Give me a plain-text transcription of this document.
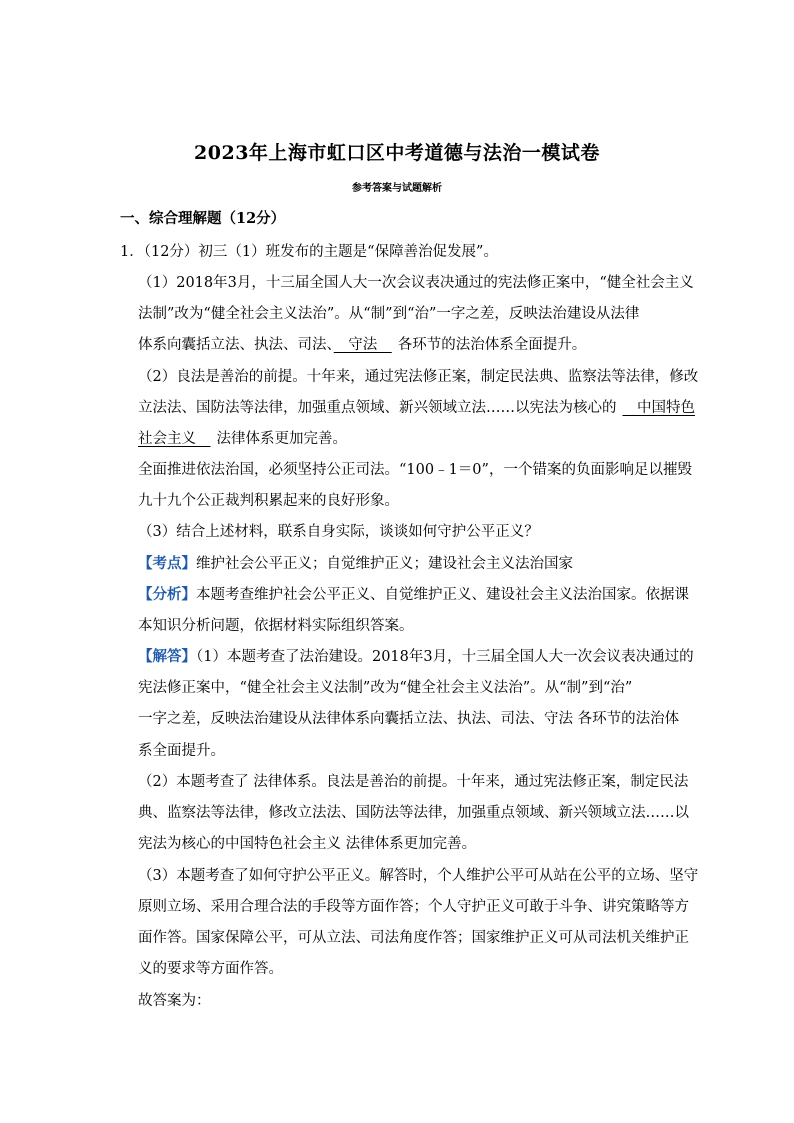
2023年上海市虹口区中考道德与法治一模试卷
参考答案与试题解析
一、综合理解题（12分）
1．（12分）初三（1）班发布的主题是“保障善治促发展”。
（1）2018年3月，十三届全国人大一次会议表决通过的宪法修正案中，“健全社会主义
法制”改为“健全社会主义法治”。从“制”到“治”一字之差，反映法治建设从法律
体系向囊括立法、执法、司法、　守法　各环节的法治体系全面提升。
（2）良法是善治的前提。十年来，通过宪法修正案，制定民法典、监察法等法律，修改
立法法、国防法等法律，加强重点领域、新兴领域立法……以宪法为核心的　中国特色
社会主义　法律体系更加完善。
全面推进依法治国，必须坚持公正司法。“100﹣1＝0”，一个错案的负面影响足以摧毁
九十九个公正裁判积累起来的良好形象。
（3）结合上述材料，联系自身实际，谈谈如何守护公平正义？
【考点】维护社会公平正义；自觉维护正义；建设社会主义法治国家
【分析】本题考查维护社会公平正义、自觉维护正义、建设社会主义法治国家。依据课
本知识分析问题，依据材料实际组织答案。
【解答】（1）本题考查了法治建设。2018年3月，十三届全国人大一次会议表决通过的
宪法修正案中，“健全社会主义法制”改为“健全社会主义法治”。从“制”到“治”
一字之差，反映法治建设从法律体系向囊括立法、执法、司法、守法 各环节的法治体
系全面提升。
（2）本题考查了 法律体系。良法是善治的前提。十年来，通过宪法修正案，制定民法
典、监察法等法律，修改立法法、国防法等法律，加强重点领域、新兴领域立法……以
宪法为核心的中国特色社会主义 法律体系更加完善。
（3）本题考查了如何守护公平正义。解答时，个人维护公平可从站在公平的立场、坚守
原则立场、采用合理合法的手段等方面作答；个人守护正义可敢于斗争、讲究策略等方
面作答。国家保障公平，可从立法、司法角度作答；国家维护正义可从司法机关维护正
义的要求等方面作答。
故答案为：
